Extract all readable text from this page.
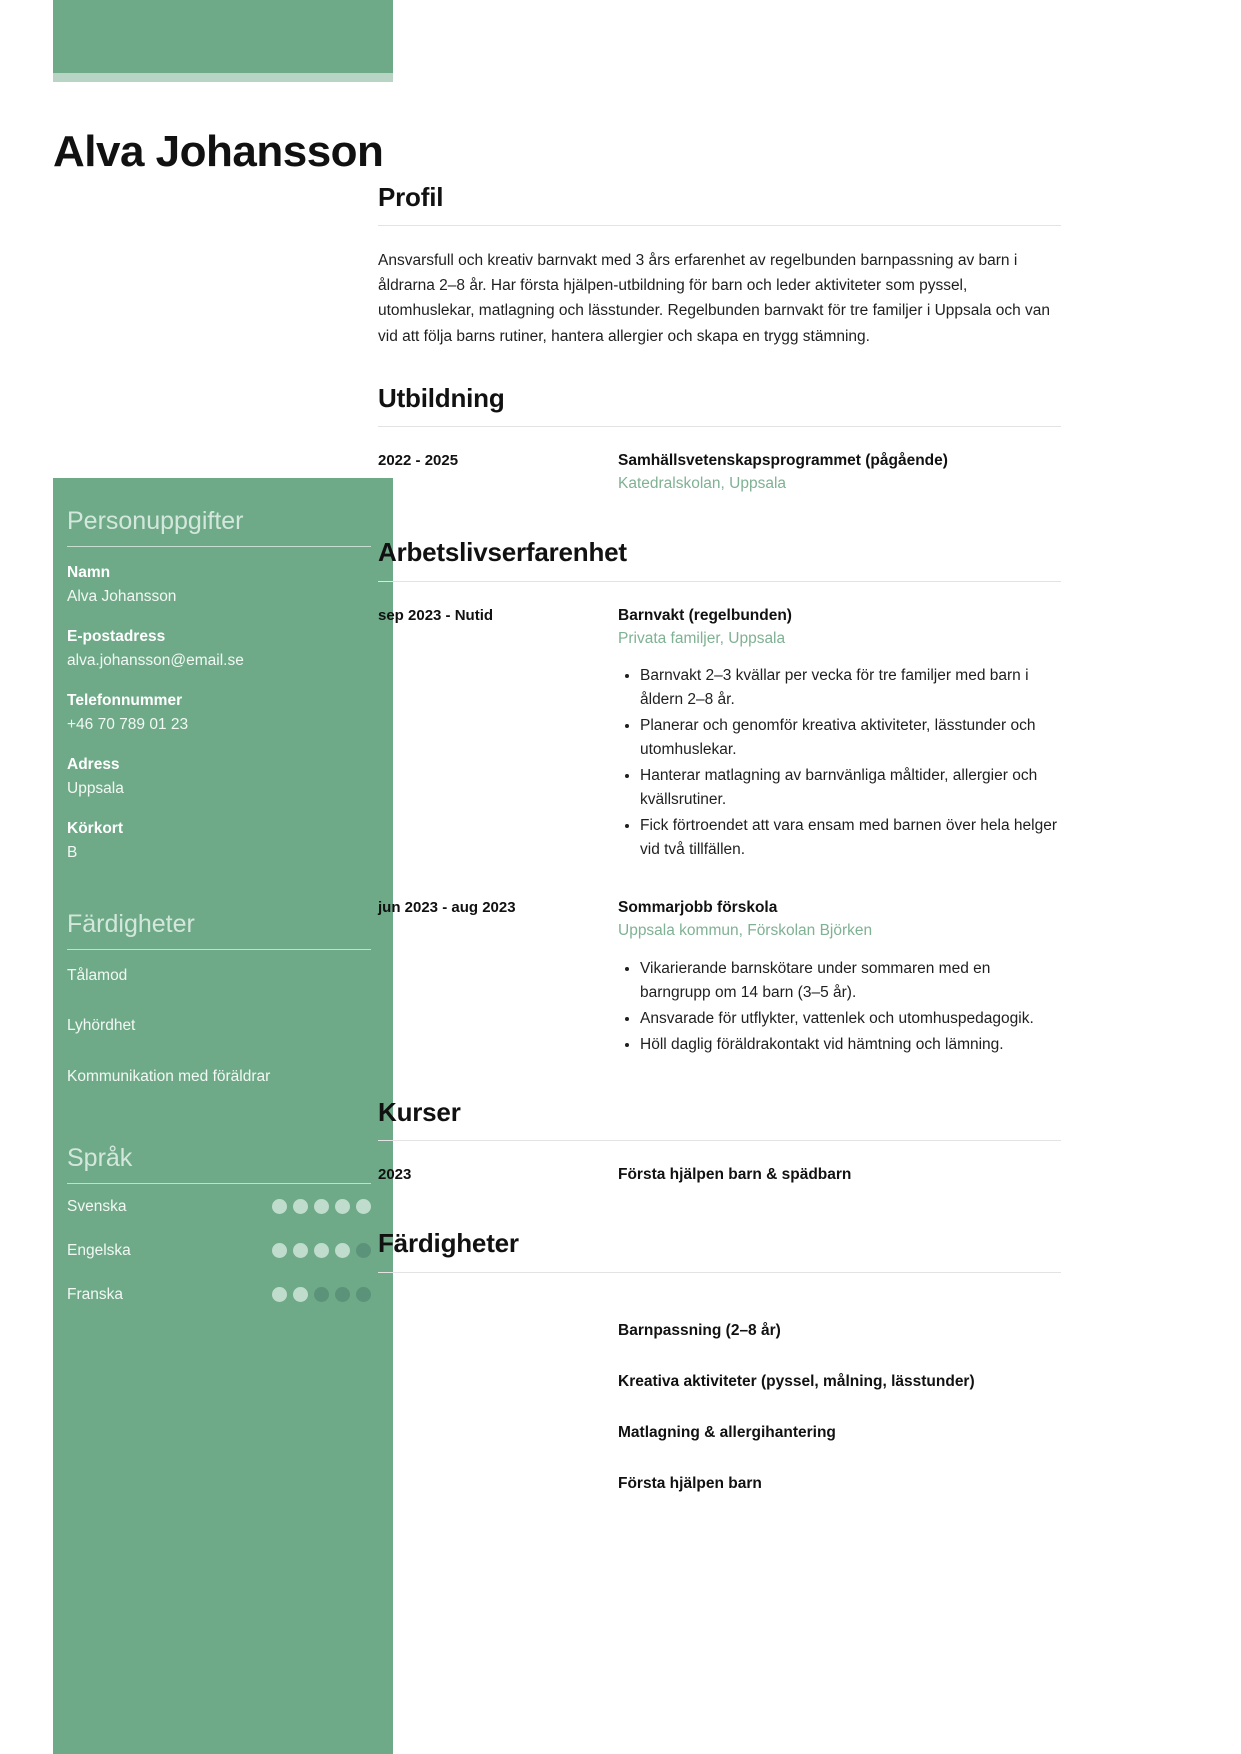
Alva Johansson
Personuppgifter
Namn
Alva Johansson
E-postadress
alva.johansson@email.se
Telefonnummer
+46 70 789 01 23
Adress
Uppsala
Körkort
B
Färdigheter
Tålamod
Lyhördhet
Kommunikation med föräldrar
Språk
Svenska
Engelska
Franska
Profil

Ansvarsfull och kreativ barnvakt med 3 års erfarenhet av regelbunden barnpassning av barn i åldrarna 2–8 år. Har första hjälpen-utbildning för barn och leder aktiviteter som pyssel, utomhuslekar, matlagning och lässtunder. Regelbunden barnvakt för tre familjer i Uppsala och van vid att följa barns rutiner, hantera allergier och skapa en trygg stämning.

Utbildning
2022 - 2025	Samhällsvetenskapsprogrammet (pågående)
Katedralskolan, Uppsala
Arbetslivserfarenhet
sep 2023 - Nutid	Barnvakt (regelbunden)
Privata familjer, Uppsala
• Barnvakt 2–3 kvällar per vecka för tre familjer med barn i åldern 2–8 år.
• Planerar och genomför kreativa aktiviteter, lässtunder och utomhuslekar.
• Hanterar matlagning av barnvänliga måltider, allergier och kvällsrutiner.
• Fick förtroendet att vara ensam med barnen över hela helger vid två tillfällen.
jun 2023 - aug 2023	Sommarjobb förskola
Uppsala kommun, Förskolan Björken
• Vikarierande barnskötare under sommaren med en barngrupp om 14 barn (3–5 år).
• Ansvarade för utflykter, vattenlek och utomhuspedagogik.
• Höll daglig föräldrakontakt vid hämtning och lämning.
Kurser
2023	Första hjälpen barn & spädbarn
Färdigheter
Barnpassning (2–8 år)
Kreativa aktiviteter (pyssel, målning, lässtunder)
Matlagning & allergihantering
Första hjälpen barn
